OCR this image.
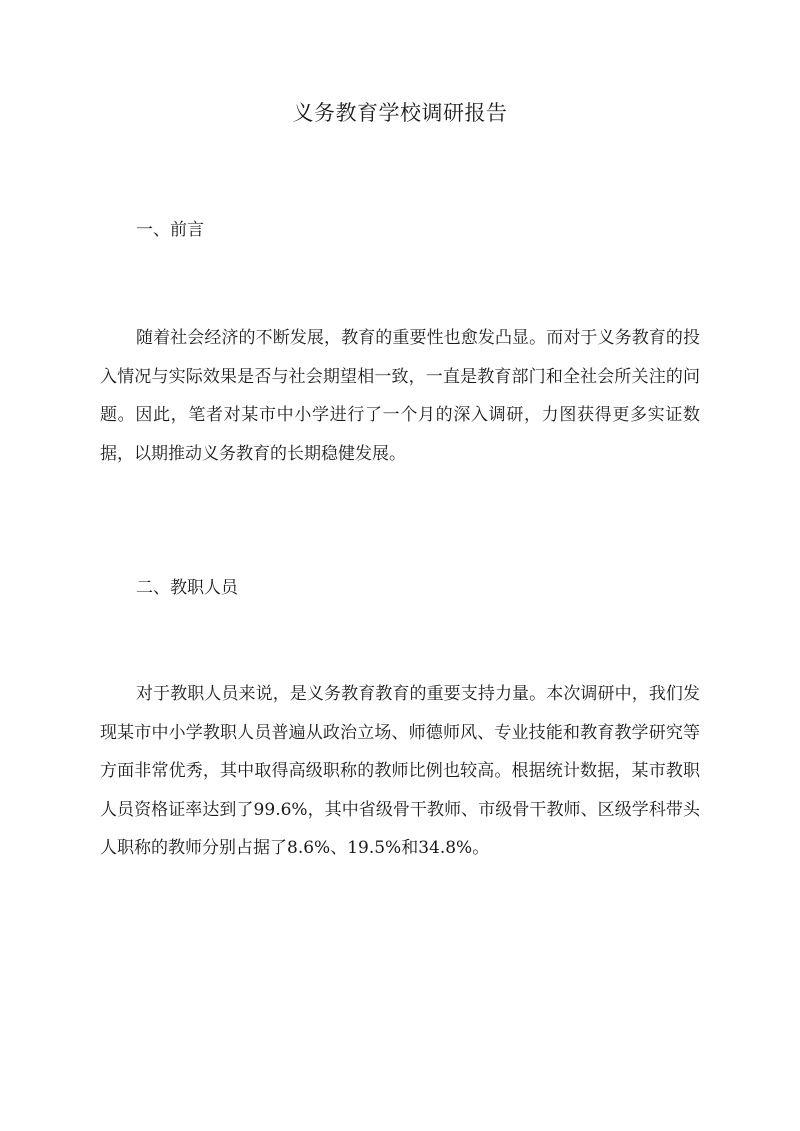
义务教育学校调研报告
一、前言

随着社会经济的不断发展，教育的重要性也愈发凸显。而对于义务教育的投入情况与实际效果是否与社会期望相一致，一直是教育部门和全社会所关注的问题。因此，笔者对某市中小学进行了一个月的深入调研，力图获得更多实证数据，以期推动义务教育的长期稳健发展。

二、教职人员

对于教职人员来说，是义务教育教育的重要支持力量。本次调研中，我们发现某市中小学教职人员普遍从政治立场、师德师风、专业技能和教育教学研究等方面非常优秀，其中取得高级职称的教师比例也较高。根据统计数据，某市教职人员资格证率达到了99.6%，其中省级骨干教师、市级骨干教师、区级学科带头人职称的教师分别占据了8.6%、19.5%和34.8%。
